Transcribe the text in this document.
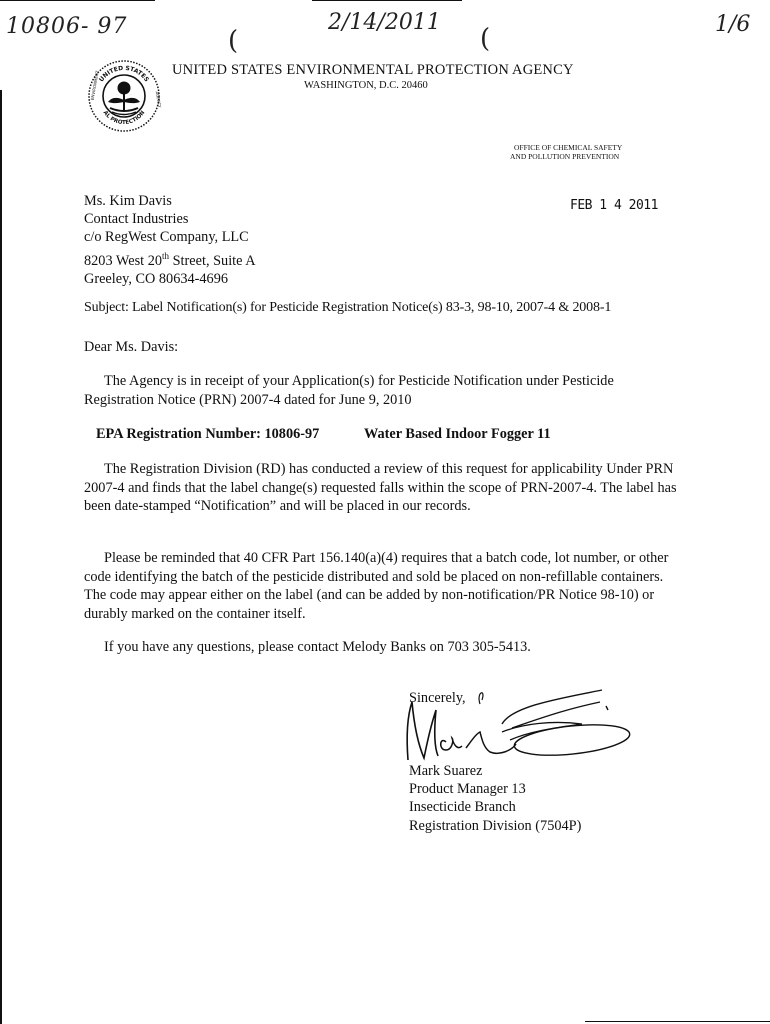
10806- 97	(
2/14/2011
(	1/6
UNITED STATES
AL PROTECTION
ENVIRONMENT	AGENCY
UNITED STATES ENVIRONMENTAL PROTECTION AGENCY
WASHINGTON, D.C. 20460
OFFICE OF CHEMICAL SAFETY
AND POLLUTION PREVENTION
FEB 1 4 2011
Ms. Kim Davis
Contact Industries
c/o RegWest Company, LLC
8203 West 20th Street, Suite A
Greeley, CO 80634-4696
Subject: Label Notification(s) for Pesticide Registration Notice(s) 83-3, 98-10, 2007-4 & 2008-1
Dear Ms. Davis:

The Agency is in receipt of your Application(s) for Pesticide Notification under Pesticide Registration Notice (PRN) 2007-4 dated for June 9, 2010

EPA Registration Number: 10806-97	Water Based Indoor Fogger 11

The Registration Division (RD) has conducted a review of this request for applicability Under PRN 2007-4 and finds that the label change(s) requested falls within the scope of PRN-2007-4. The label has been date-stamped “Notification” and will be placed in our records.

Please be reminded that 40 CFR Part 156.140(a)(4) requires that a batch code, lot number, or other code identifying the batch of the pesticide distributed and sold be placed on non-refillable containers. The code may appear either on the label (and can be added by non-notification/PR Notice 98-10) or durably marked on the container itself.

If you have any questions, please contact Melody Banks on 703 305-5413.

Sincerely,
Mark Suarez
Product Manager 13
Insecticide Branch
Registration Division (7504P)
